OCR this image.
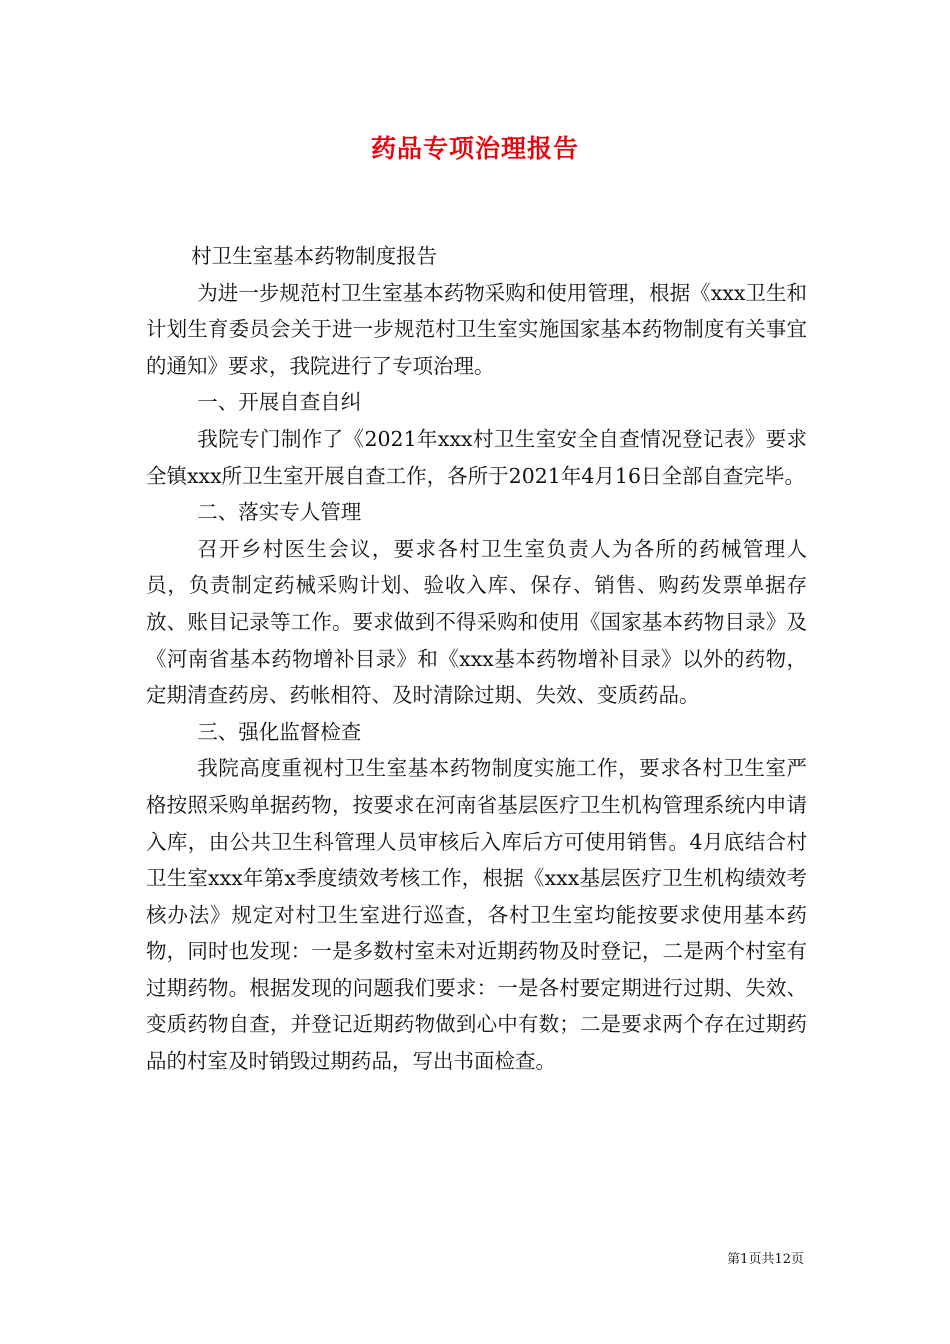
药品专项治理报告

村卫生室基本药物制度报告

为进一步规范村卫生室基本药物采购和使用管理，根据《xxx卫生和计划生育委员会关于进一步规范村卫生室实施国家基本药物制度有关事宜的通知》要求，我院进行了专项治理。

一、开展自查自纠

我院专门制作了《2021年xxx村卫生室安全自查情况登记表》要求全镇xxx所卫生室开展自查工作，各所于2021年4月16日全部自查完毕。

二、落实专人管理

召开乡村医生会议，要求各村卫生室负责人为各所的药械管理人员，负责制定药械采购计划、验收入库、保存、销售、购药发票单据存放、账目记录等工作。要求做到不得采购和使用《国家基本药物目录》及《河南省基本药物增补目录》和《xxx基本药物增补目录》以外的药物，定期清查药房、药帐相符、及时清除过期、失效、变质药品。

三、强化监督检查

我院高度重视村卫生室基本药物制度实施工作，要求各村卫生室严格按照采购单据药物，按要求在河南省基层医疗卫生机构管理系统内申请入库，由公共卫生科管理人员审核后入库后方可使用销售。4月底结合村卫生室xxx年第x季度绩效考核工作，根据《xxx基层医疗卫生机构绩效考核办法》规定对村卫生室进行巡查，各村卫生室均能按要求使用基本药物，同时也发现：一是多数村室未对近期药物及时登记，二是两个村室有过期药物。根据发现的问题我们要求：一是各村要定期进行过期、失效、变质药物自查，并登记近期药物做到心中有数；二是要求两个存在过期药品的村室及时销毁过期药品，写出书面检查。

第1页共12页
